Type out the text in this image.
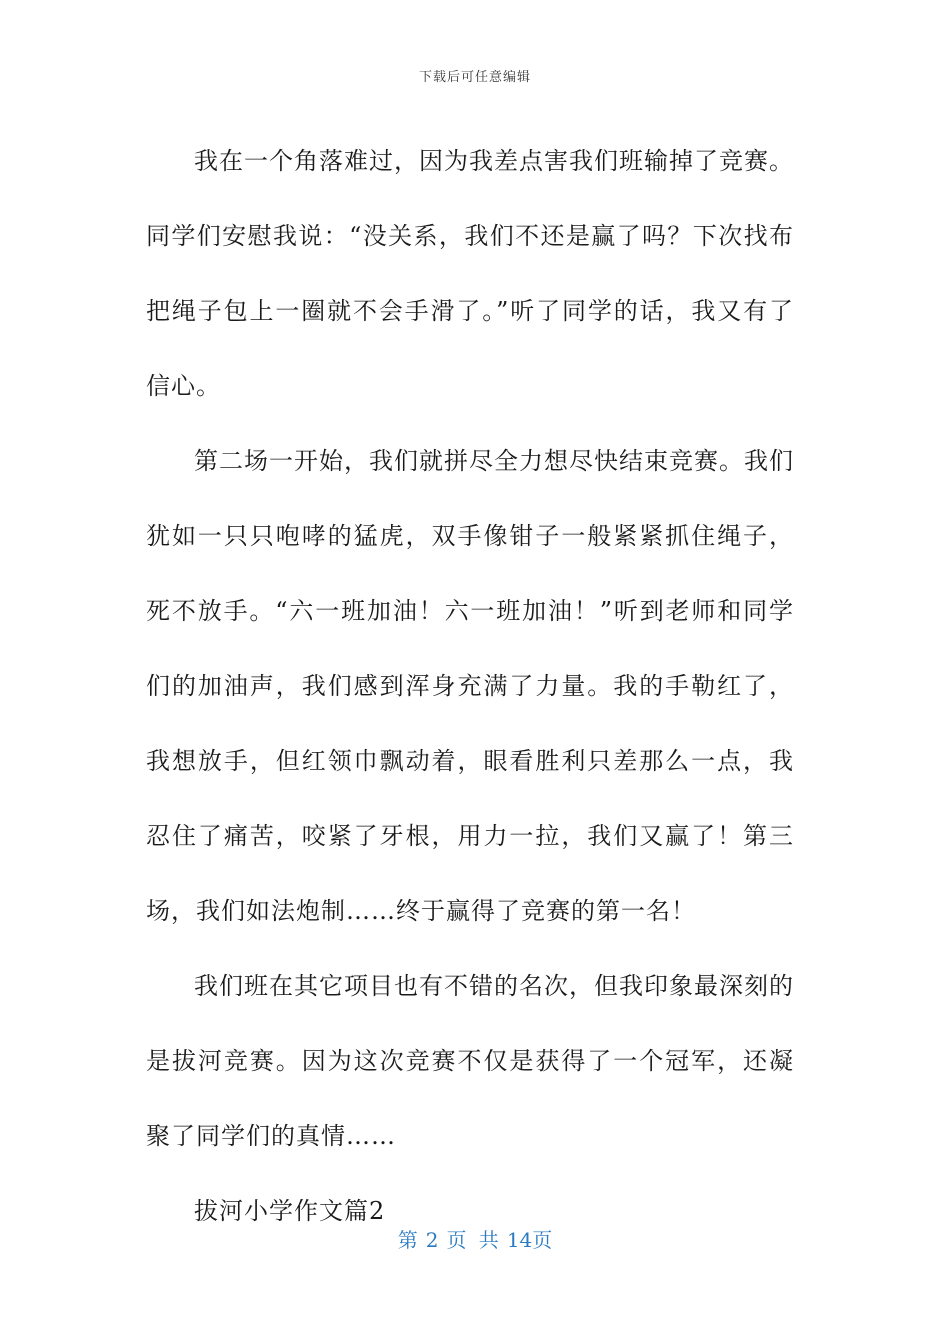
下载后可任意编辑

我在一个角落难过，因为我差点害我们班输掉了竞赛。同学们安慰我说：“没关系，我们不还是赢了吗？下次找布把绳子包上一圈就不会手滑了。”听了同学的话，我又有了信心。

第二场一开始，我们就拼尽全力想尽快结束竞赛。我们犹如一只只咆哮的猛虎，双手像钳子一般紧紧抓住绳子，死不放手。“六一班加油！六一班加油！”听到老师和同学们的加油声，我们感到浑身充满了力量。我的手勒红了，我想放手，但红领巾飘动着，眼看胜利只差那么一点，我忍住了痛苦，咬紧了牙根，用力一拉，我们又赢了！第三场，我们如法炮制……终于赢得了竞赛的第一名！

我们班在其它项目也有不错的名次，但我印象最深刻的是拔河竞赛。因为这次竞赛不仅是获得了一个冠军，还凝聚了同学们的真情……

拔河小学作文篇2

第 2 页 共 14页
